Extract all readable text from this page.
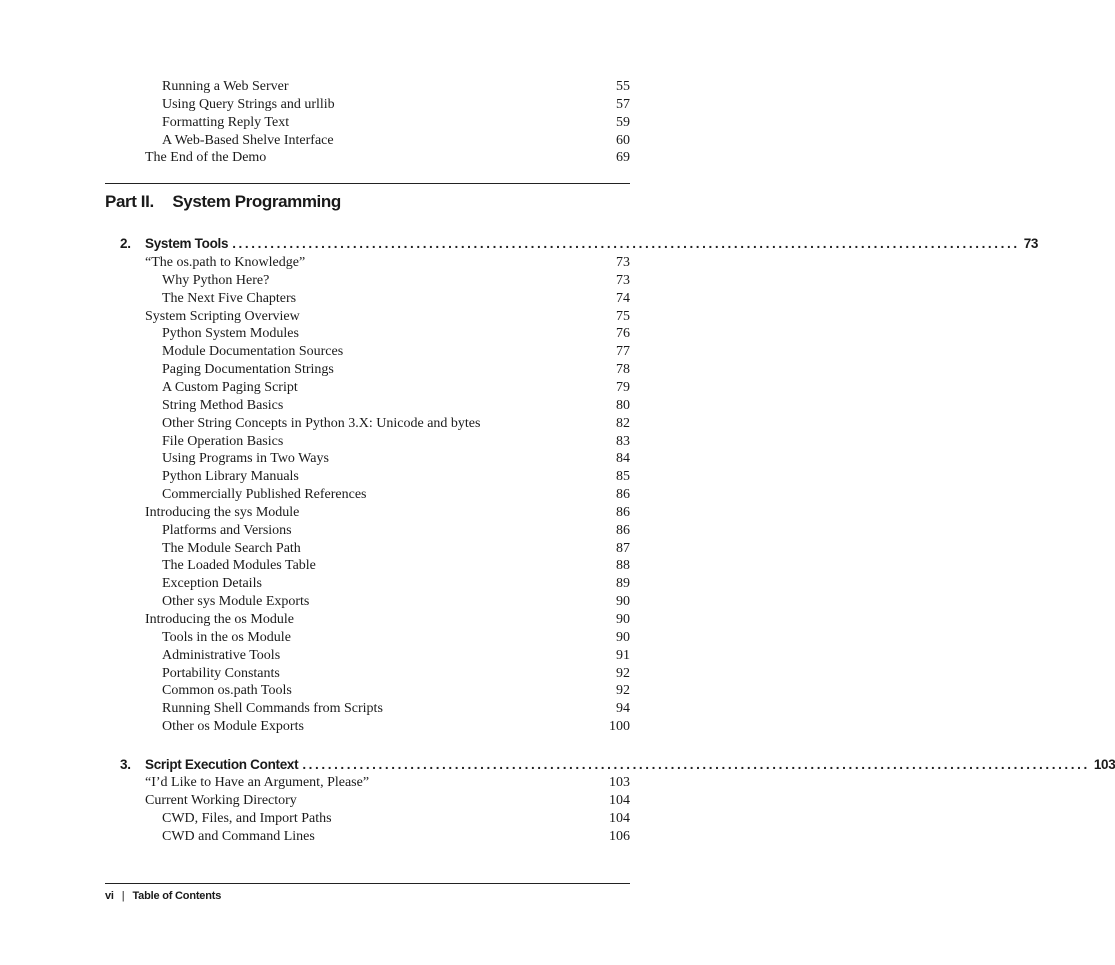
Running a Web Server	55
Using Query Strings and urllib	57
Formatting Reply Text	59
A Web-Based Shelve Interface	60
The End of the Demo	69
Part II. System Programming
2.	System Tools ............................................................................................................................ 73
“The os.path to Knowledge”	73
Why Python Here?	73
The Next Five Chapters	74
System Scripting Overview	75
Python System Modules	76
Module Documentation Sources	77
Paging Documentation Strings	78
A Custom Paging Script	79
String Method Basics	80
Other String Concepts in Python 3.X: Unicode and bytes	82
File Operation Basics	83
Using Programs in Two Ways	84
Python Library Manuals	85
Commercially Published References	86
Introducing the sys Module	86
Platforms and Versions	86
The Module Search Path	87
The Loaded Modules Table	88
Exception Details	89
Other sys Module Exports	90
Introducing the os Module	90
Tools in the os Module	90
Administrative Tools	91
Portability Constants	92
Common os.path Tools	92
Running Shell Commands from Scripts	94
Other os Module Exports	100
3.	Script Execution Context ............................................................................................................................ 103
“I’d Like to Have an Argument, Please”	103
Current Working Directory	104
CWD, Files, and Import Paths	104
CWD and Command Lines	106
vi | Table of Contents
